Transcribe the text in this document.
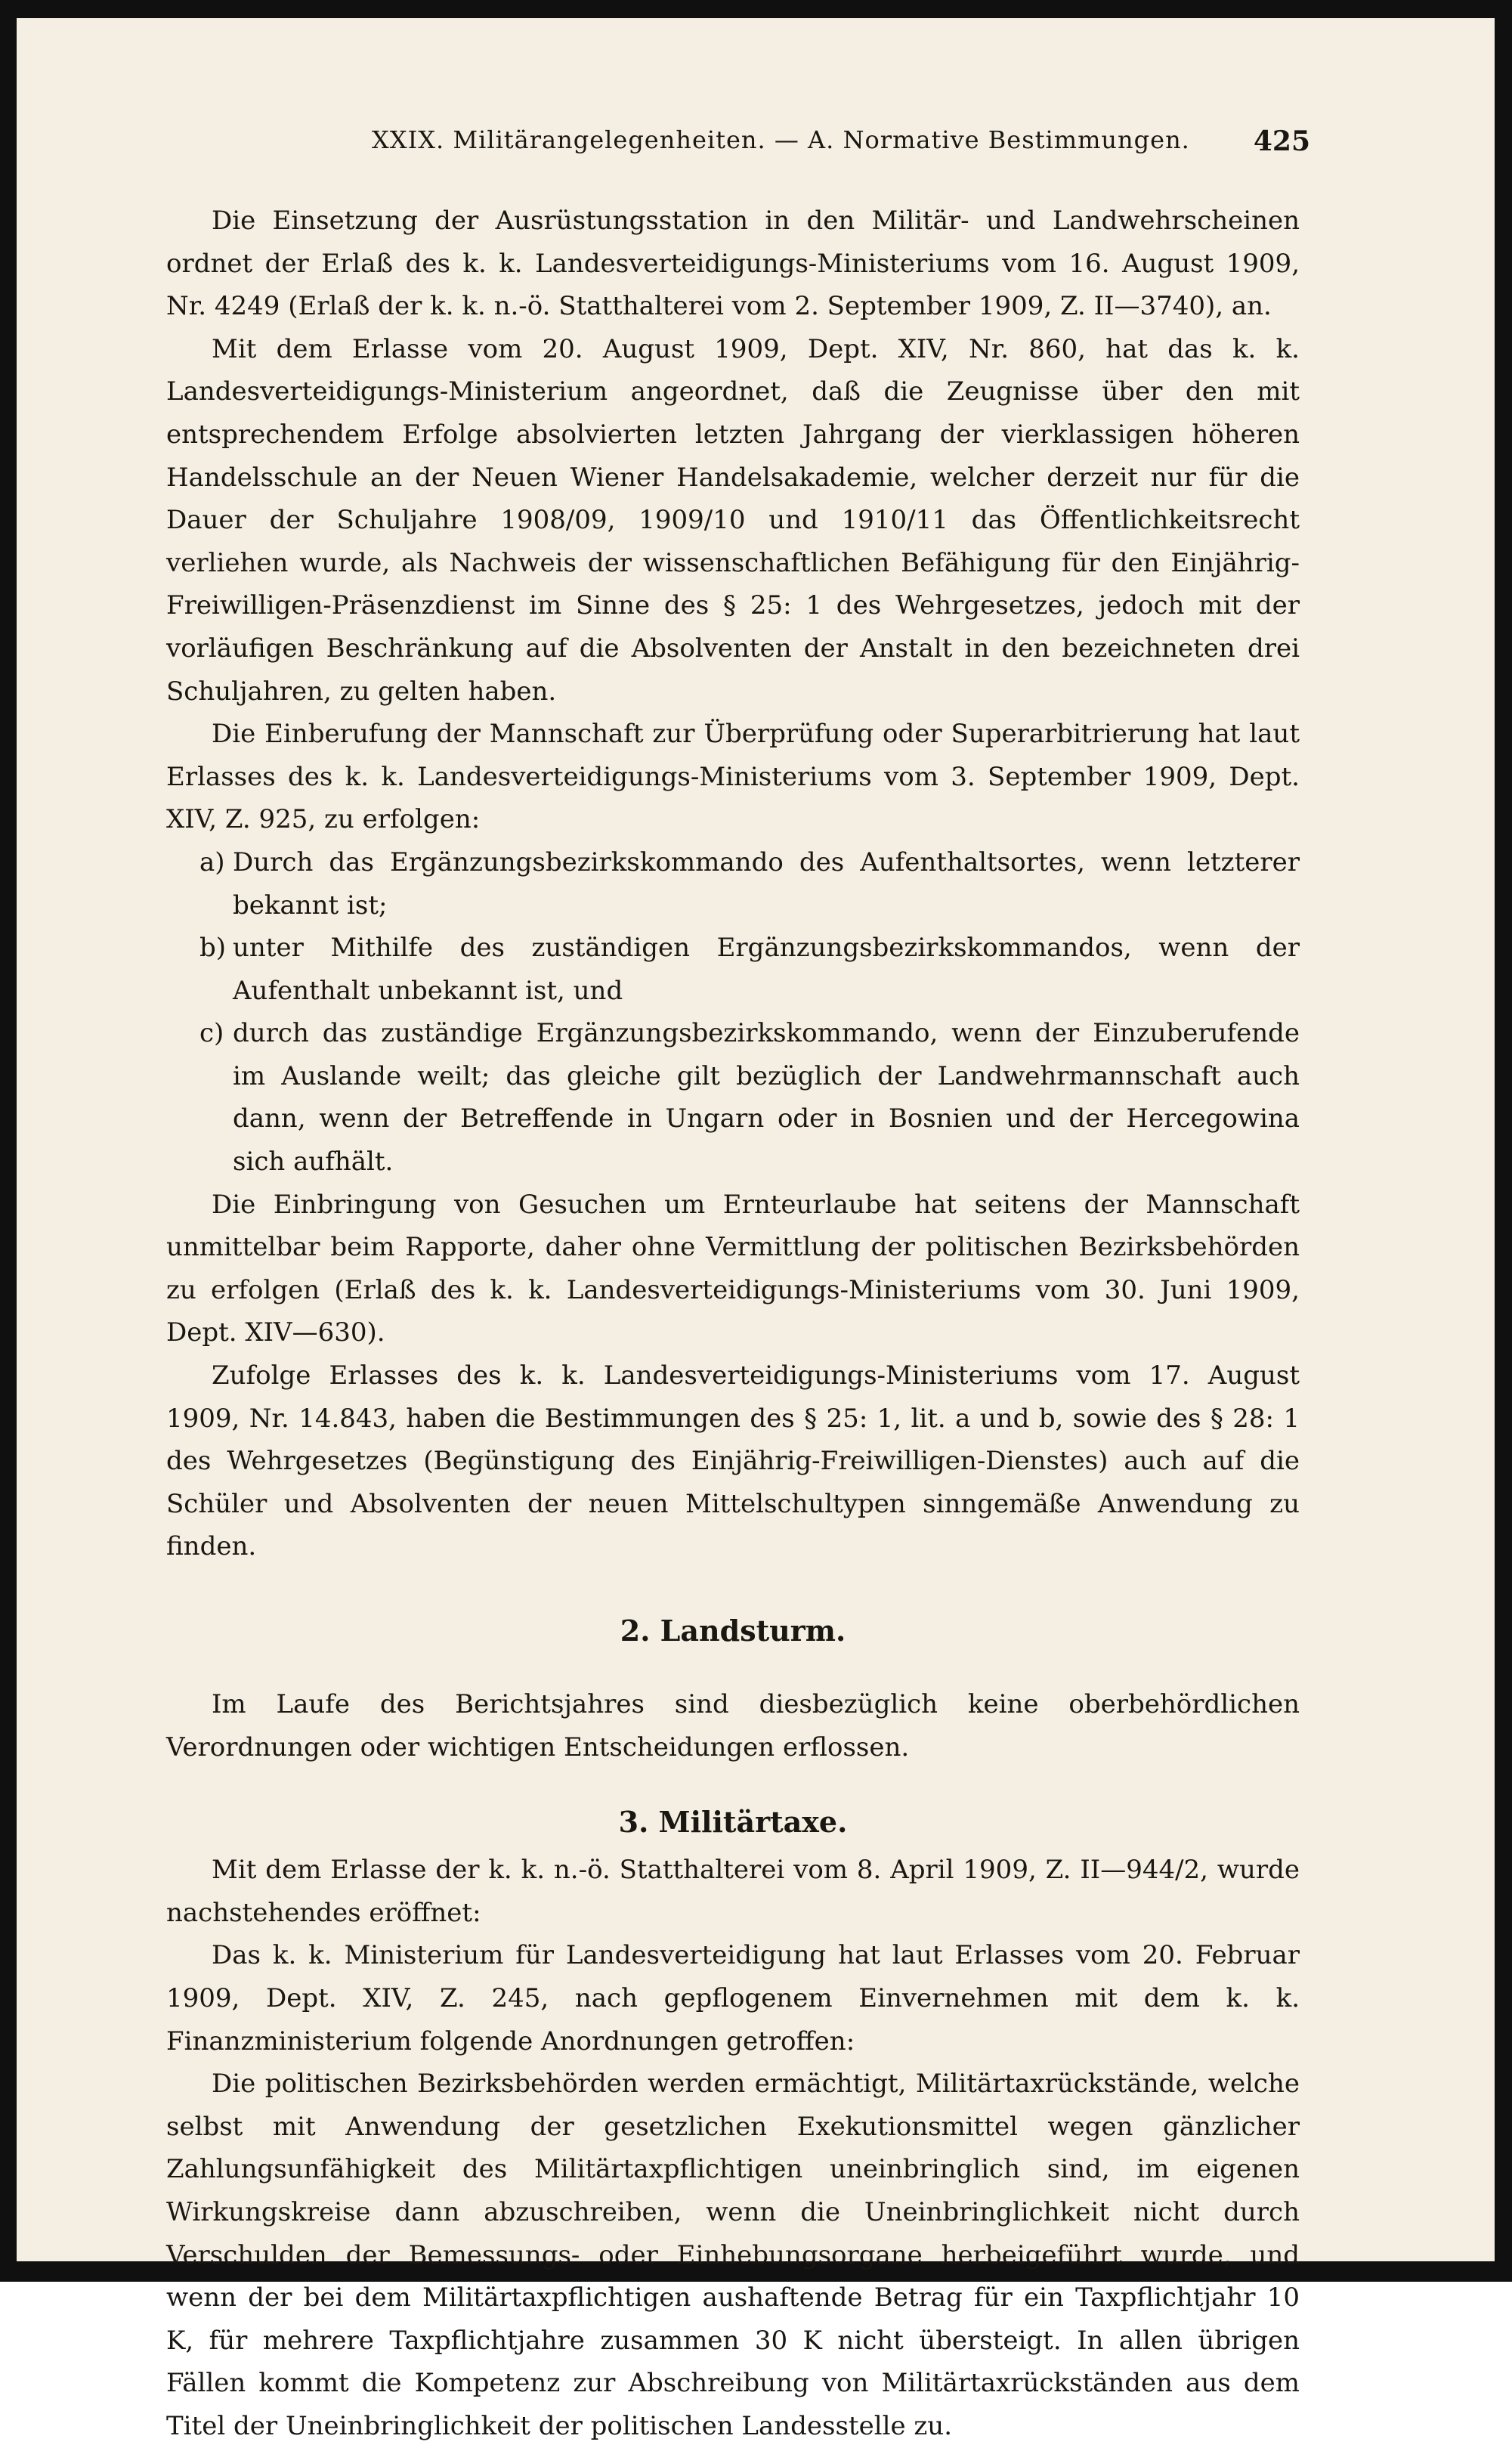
XXIX. Militärangelegenheiten. — A. Normative Bestimmungen. 425

Die Einsetzung der Ausrüstungsstation in den Militär- und Landwehrscheinen ordnet der Erlaß des k. k. Landesverteidigungs-Ministeriums vom 16. August 1909, Nr. 4249 (Erlaß der k. k. n.-ö. Statthalterei vom 2. September 1909, Z. II—3740), an.

Mit dem Erlasse vom 20. August 1909, Dept. XIV, Nr. 860, hat das k. k. Landesverteidigungs-Ministerium angeordnet, daß die Zeugnisse über den mit entsprechendem Erfolge absolvierten letzten Jahrgang der vierklassigen höheren Handelsschule an der Neuen Wiener Handelsakademie, welcher derzeit nur für die Dauer der Schuljahre 1908/09, 1909/10 und 1910/11 das Öffentlichkeitsrecht verliehen wurde, als Nachweis der wissenschaftlichen Befähigung für den Einjährig-Freiwilligen-Präsenzdienst im Sinne des § 25: 1 des Wehrgesetzes, jedoch mit der vorläufigen Beschränkung auf die Absolventen der Anstalt in den bezeichneten drei Schuljahren, zu gelten haben.

Die Einberufung der Mannschaft zur Überprüfung oder Superarbitrierung hat laut Erlasses des k. k. Landesverteidigungs-Ministeriums vom 3. September 1909, Dept. XIV, Z. 925, zu erfolgen:

a) Durch das Ergänzungsbezirkskommando des Aufenthaltsortes, wenn letzterer bekannt ist;
b) unter Mithilfe des zuständigen Ergänzungsbezirkskommandos, wenn der Aufenthalt unbekannt ist, und
c) durch das zuständige Ergänzungsbezirkskommando, wenn der Einzuberufende im Auslande weilt; das gleiche gilt bezüglich der Landwehrmannschaft auch dann, wenn der Betreffende in Ungarn oder in Bosnien und der Hercegowina sich aufhält.

Die Einbringung von Gesuchen um Ernteurlaube hat seitens der Mannschaft unmittelbar beim Rapporte, daher ohne Vermittlung der politischen Bezirksbehörden zu erfolgen (Erlaß des k. k. Landesverteidigungs-Ministeriums vom 30. Juni 1909, Dept. XIV—630).

Zufolge Erlasses des k. k. Landesverteidigungs-Ministeriums vom 17. August 1909, Nr. 14.843, haben die Bestimmungen des § 25: 1, lit. a und b, sowie des § 28: 1 des Wehrgesetzes (Begünstigung des Einjährig-Freiwilligen-Dienstes) auch auf die Schüler und Absolventen der neuen Mittelschultypen sinngemäße Anwendung zu finden.

2. Landsturm.

Im Laufe des Berichtsjahres sind diesbezüglich keine oberbehördlichen Verordnungen oder wichtigen Entscheidungen erflossen.

3. Militärtaxe.

Mit dem Erlasse der k. k. n.-ö. Statthalterei vom 8. April 1909, Z. II—944/2, wurde nachstehendes eröffnet:

Das k. k. Ministerium für Landesverteidigung hat laut Erlasses vom 20. Februar 1909, Dept. XIV, Z. 245, nach gepflogenem Einvernehmen mit dem k. k. Finanzministerium folgende Anordnungen getroffen:

Die politischen Bezirksbehörden werden ermächtigt, Militärtaxrückstände, welche selbst mit Anwendung der gesetzlichen Exekutionsmittel wegen gänzlicher Zahlungsunfähigkeit des Militärtaxpflichtigen uneinbringlich sind, im eigenen Wirkungskreise dann abzuschreiben, wenn die Uneinbringlichkeit nicht durch Verschulden der Bemessungs- oder Einhebungsorgane herbeigeführt wurde, und wenn der bei dem Militärtaxpflichtigen aushaftende Betrag für ein Taxpflichtjahr 10 K, für mehrere Taxpflichtjahre zusammen 30 K nicht übersteigt. In allen übrigen Fällen kommt die Kompetenz zur Abschreibung von Militärtaxrückständen aus dem Titel der Uneinbringlichkeit der politischen Landesstelle zu.
